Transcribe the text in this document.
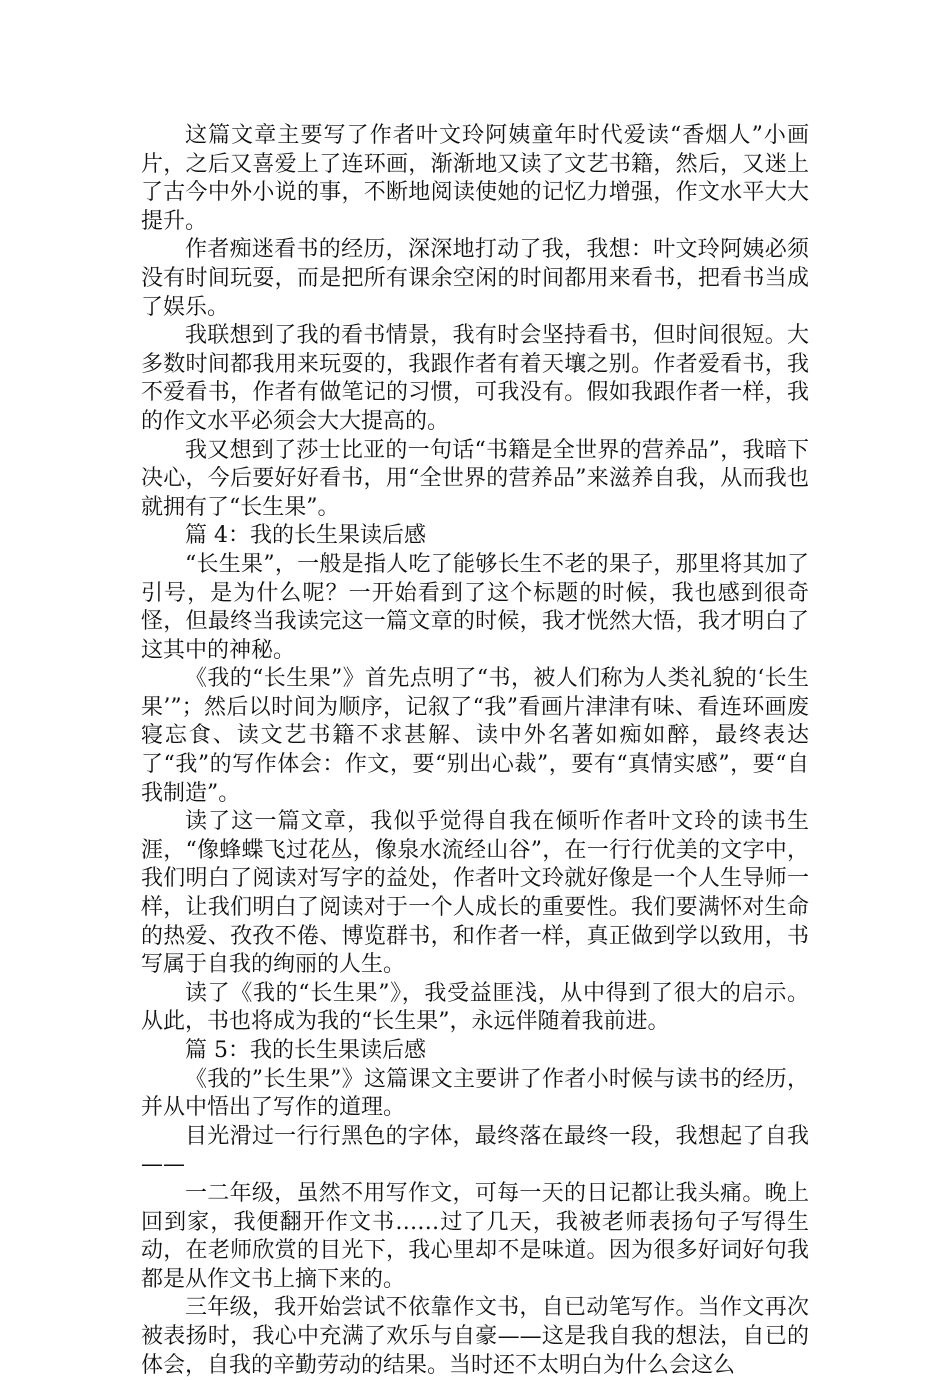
这篇文章主要写了作者叶文玲阿姨童年时代爱读“香烟人”小画片，之后又喜爱上了连环画，渐渐地又读了文艺书籍，然后，又迷上了古今中外小说的事，不断地阅读使她的记忆力增强，作文水平大大提升。

作者痴迷看书的经历，深深地打动了我，我想：叶文玲阿姨必须没有时间玩耍，而是把所有课余空闲的时间都用来看书，把看书当成了娱乐。

我联想到了我的看书情景，我有时会坚持看书，但时间很短。大多数时间都我用来玩耍的，我跟作者有着天壤之别。作者爱看书，我不爱看书，作者有做笔记的习惯，可我没有。假如我跟作者一样，我的作文水平必须会大大提高的。

我又想到了莎士比亚的一句话“书籍是全世界的营养品”，我暗下决心，今后要好好看书，用“全世界的营养品”来滋养自我，从而我也就拥有了“长生果”。

篇 4：我的长生果读后感

“长生果”，一般是指人吃了能够长生不老的果子，那里将其加了引号，是为什么呢？一开始看到了这个标题的时候，我也感到很奇怪，但最终当我读完这一篇文章的时候，我才恍然大悟，我才明白了这其中的神秘。

《我的“长生果”》首先点明了“书，被人们称为人类礼貌的‘长生果’”；然后以时间为顺序，记叙了“我”看画片津津有味、看连环画废寝忘食、读文艺书籍不求甚解、读中外名著如痴如醉，最终表达了“我”的写作体会：作文，要“别出心裁”，要有“真情实感”，要“自我制造”。

读了这一篇文章，我似乎觉得自我在倾听作者叶文玲的读书生涯，“像蜂蝶飞过花丛，像泉水流经山谷”，在一行行优美的文字中，我们明白了阅读对写字的益处，作者叶文玲就好像是一个人生导师一样，让我们明白了阅读对于一个人成长的重要性。我们要满怀对生命的热爱、孜孜不倦、博览群书，和作者一样，真正做到学以致用，书写属于自我的绚丽的人生。

读了《我的“长生果”》，我受益匪浅，从中得到了很大的启示。从此，书也将成为我的“长生果”，永远伴随着我前进。

篇 5：我的长生果读后感

《我的”长生果”》这篇课文主要讲了作者小时候与读书的经历，并从中悟出了写作的道理。

目光滑过一行行黑色的字体，最终落在最终一段，我想起了自我——

一二年级，虽然不用写作文，可每一天的日记都让我头痛。晚上回到家，我便翻开作文书……过了几天，我被老师表扬句子写得生动，在老师欣赏的目光下，我心里却不是味道。因为很多好词好句我都是从作文书上摘下来的。

三年级，我开始尝试不依靠作文书，自已动笔写作。当作文再次被表扬时，我心中充满了欢乐与自豪——这是我自我的想法，自已的体会，自我的辛勤劳动的结果。当时还不太明白为什么会这么
